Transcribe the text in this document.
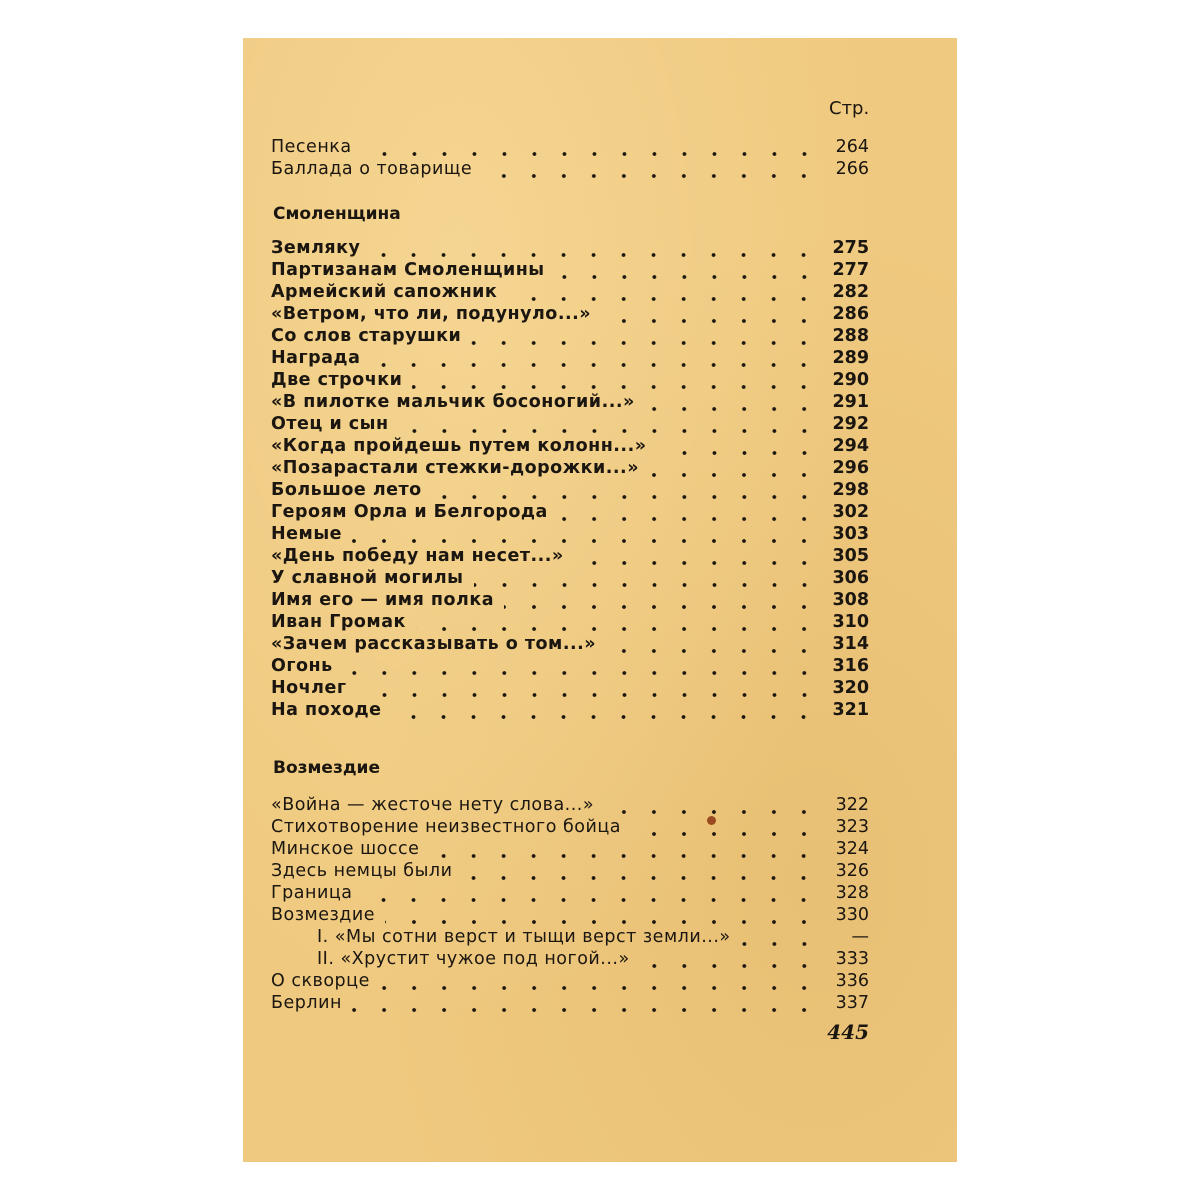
Стр.
Песенка	264
Баллада о товарище	266
Смоленщина
Земляку	275
Партизанам Смоленщины	277
Армейский сапожник	282
«Ветром, что ли, подунуло...»	286
Со слов старушки	288
Награда	289
Две строчки	290
«В пилотке мальчик босоногий...»	291
Отец и сын	292
«Когда пройдешь путем колонн...»	294
«Позарастали стежки-дорожки...»	296
Большое лето	298
Героям Орла и Белгорода	302
Немые	303
«День победу нам несет...»	305
У славной могилы	306
Имя его — имя полка	308
Иван Громак	310
«Зачем рассказывать о том...»	314
Огонь	316
Ночлег	320
На походе	321
Возмездие
«Война — жесточе нету слова...»	322
Стихотворение неизвестного бойца	323
Минское шоссе	324
Здесь немцы были	326
Граница	328
Возмездие	330
I. «Мы сотни верст и тыщи верст земли...»	—
II. «Хрустит чужое под ногой...»	333
О скворце	336
Берлин	337
445
